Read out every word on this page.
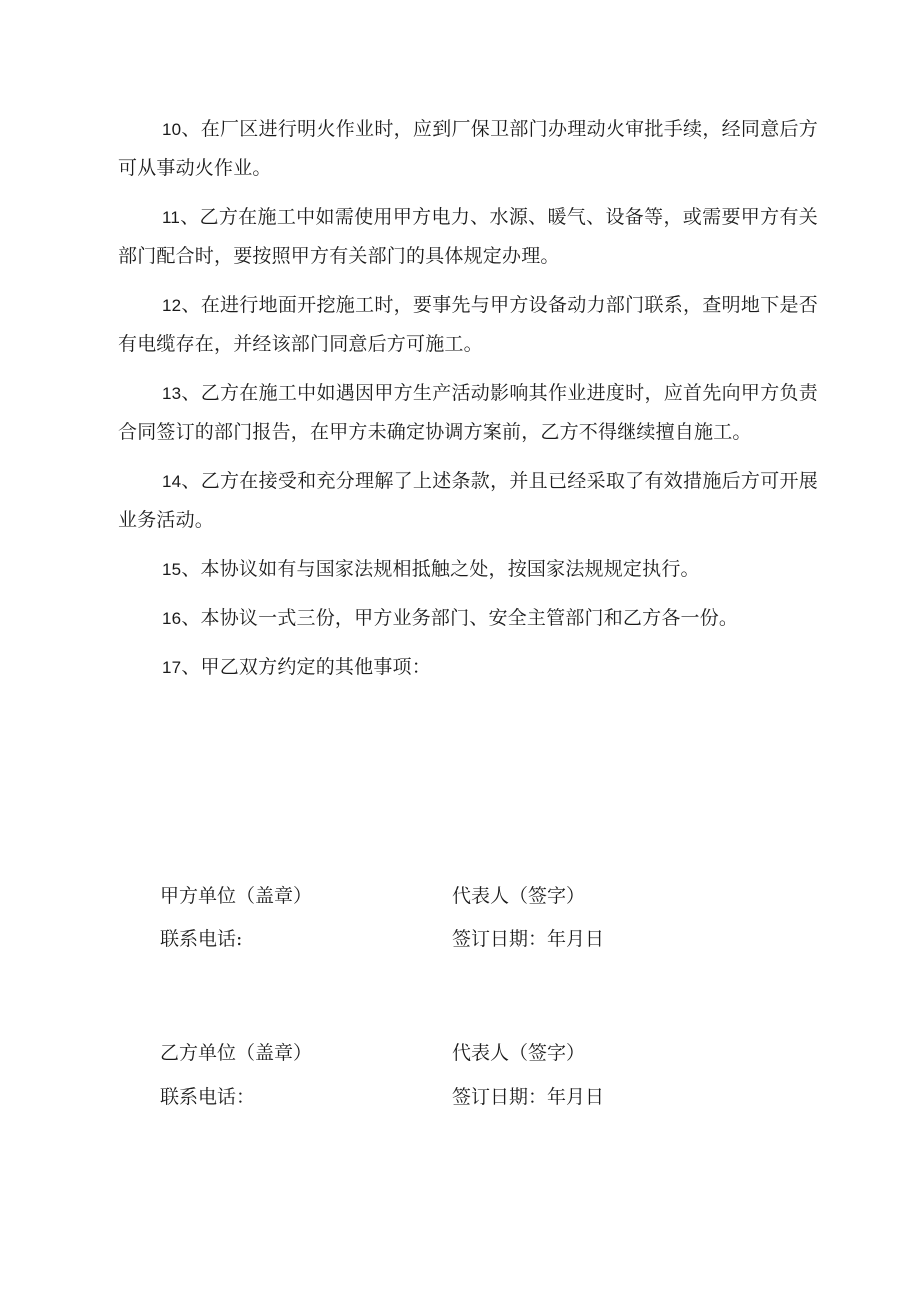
10、在厂区进行明火作业时，应到厂保卫部门办理动火审批手续，经同意后方可从事动火作业。

11、乙方在施工中如需使用甲方电力、水源、暖气、设备等，或需要甲方有关部门配合时，要按照甲方有关部门的具体规定办理。

12、在进行地面开挖施工时，要事先与甲方设备动力部门联系，查明地下是否有电缆存在，并经该部门同意后方可施工。

13、乙方在施工中如遇因甲方生产活动影响其作业进度时，应首先向甲方负责合同签订的部门报告，在甲方未确定协调方案前，乙方不得继续擅自施工。

14、乙方在接受和充分理解了上述条款，并且已经采取了有效措施后方可开展业务活动。

15、本协议如有与国家法规相抵触之处，按国家法规规定执行。

16、本协议一式三份，甲方业务部门、安全主管部门和乙方各一份。

17、甲乙双方约定的其他事项：

甲方单位（盖章）	代表人（签字）
联系电话:	签订日期：年月日
乙方单位（盖章）	代表人（签字）
联系电话：	签订日期：年月日
